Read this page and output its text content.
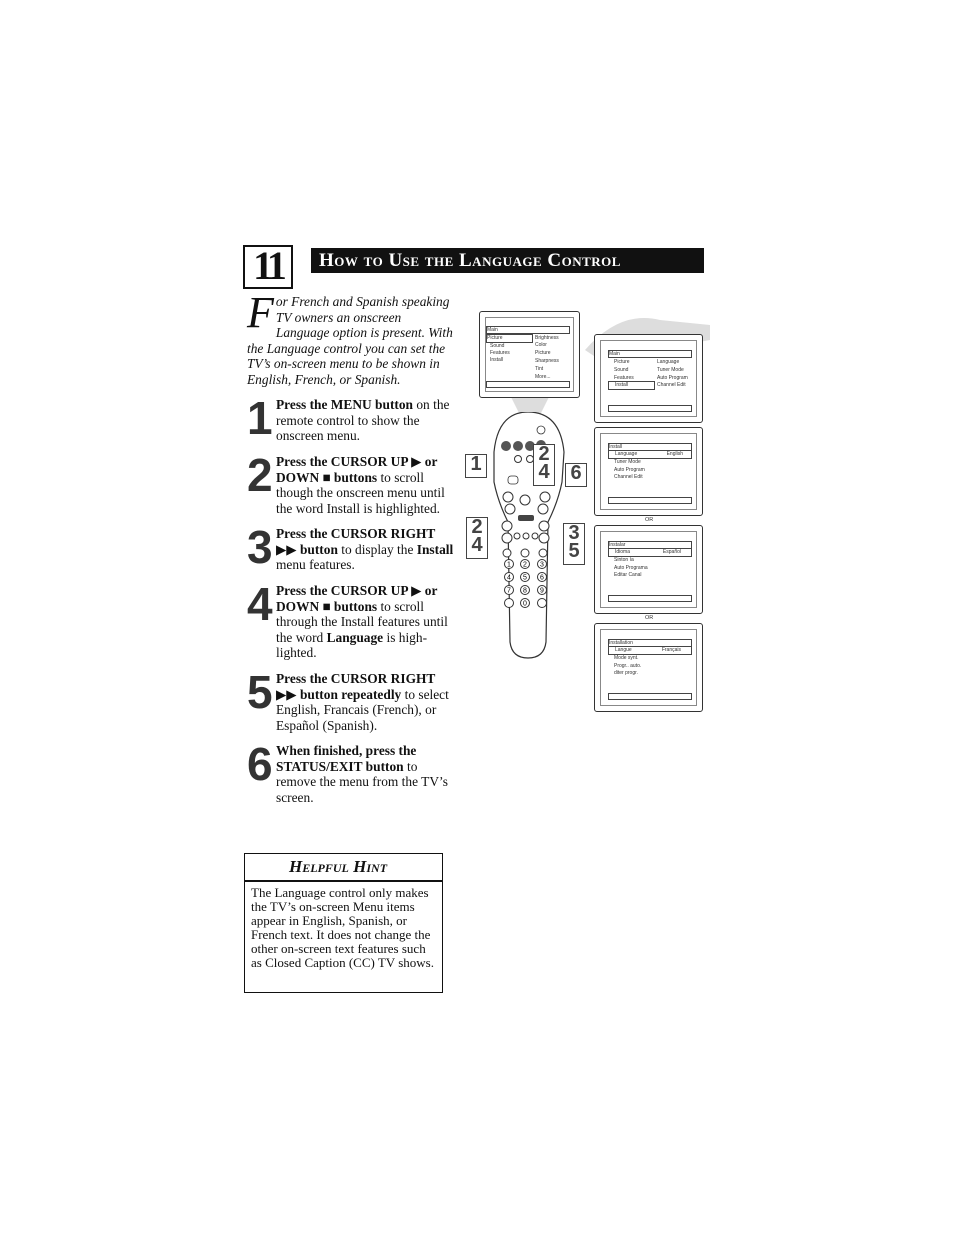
11	How to Use the Language Control
For French and Spanish speaking TV owners an onscreen Language option is present. With the Language control you can set the TV’s on-screen menu to be shown in English, French, or Spanish.
1 Press the MENU button on the remote control to show the onscreen menu.
2 Press the CURSOR UP ▶ or DOWN ■ buttons to scroll though the onscreen menu until the word Install is highlighted.
3 Press the CURSOR RIGHT ▶▶ button to display the Install menu features.
4 Press the CURSOR UP ▶ or DOWN ■ buttons to scroll through the Install features until the word Language is high-lighted.
5 Press the CURSOR RIGHT ▶▶ button repeatedly to select English, Francais (French), or Español (Spanish).
6 When finished, press the STATUS/EXIT button to remove the menu from the TV’s screen.
Helpful Hint
The Language control only makes the TV’s on-screen Menu items appear in English, Spanish, or French text. It does not change the other on-screen text features such as Closed Caption (CC) TV shows.
Main
Picture
Sound
Features
Install
Brightness
Color
Picture
Sharpness
Tint
More...
1 2 3
4 5 6
7 8 9
0
1	2
4 6
2
4
3
5
Main
Picture
Sound
Features
Install
Language
Tuner Mode
Auto Program
Channel Edit
Install
Language	English
Tuner Mode
Auto Program
Channel Edit
OR
Instalar
Idioma	Español
Sinton ía
Auto Programa
Editar Canal
OR
Installation
Langue	Français
Mode synt.
Progr.. auto.
diter progr.
